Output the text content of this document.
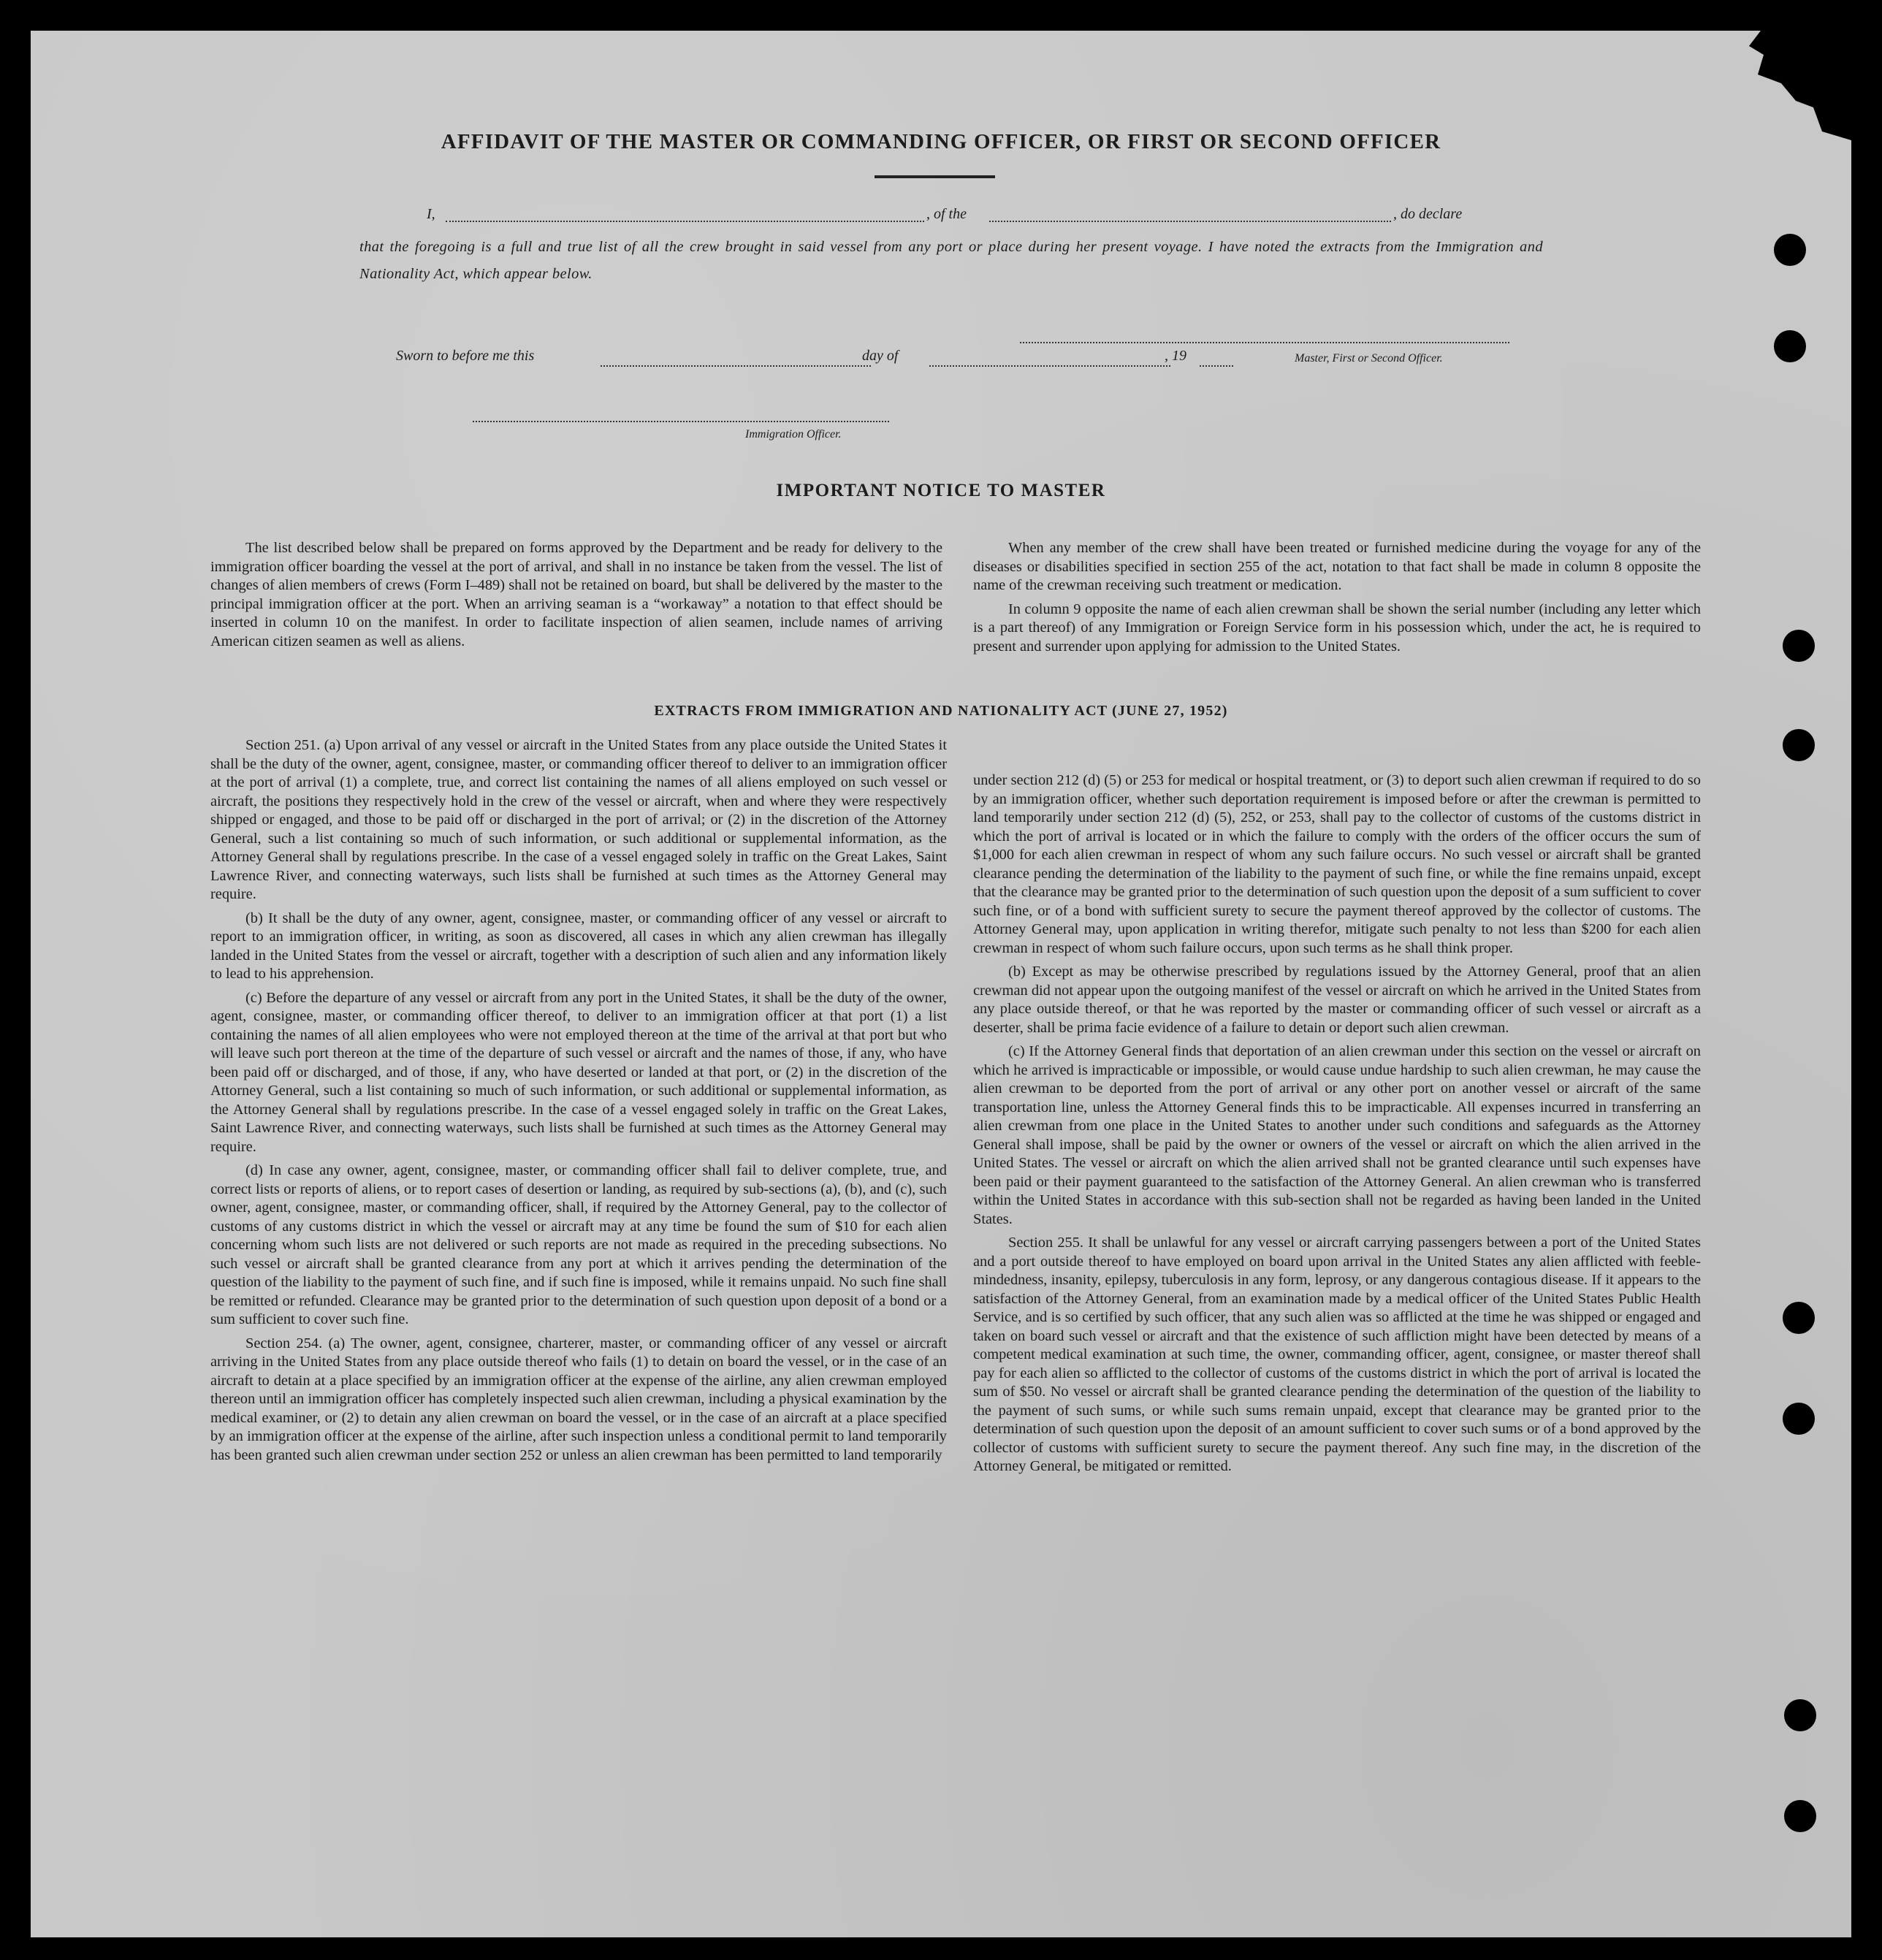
AFFIDAVIT OF THE MASTER OR COMMANDING OFFICER, OR FIRST OR SECOND OFFICER
I,	, of the	, do declare
that the foregoing is a full and true list of all the crew brought in said vessel from any port or place during her present voyage. I have noted the extracts from the Immigration and Nationality Act, which appear below.
Master, First or Second Officer.
Sworn to before me this	day of	, 19
Immigration Officer.
IMPORTANT NOTICE TO MASTER

The list described below shall be prepared on forms approved by the Department and be ready for delivery to the immigration officer boarding the vessel at the port of arrival, and shall in no instance be taken from the vessel. The list of changes of alien members of crews (Form I–489) shall not be retained on board, but shall be delivered by the master to the principal immigration officer at the port. When an arriving seaman is a “workaway” a notation to that effect should be inserted in column 10 on the manifest. In order to facilitate inspection of alien seamen, include names of arriving American citizen seamen as well as aliens.

When any member of the crew shall have been treated or furnished medicine during the voyage for any of the diseases or disabilities specified in section 255 of the act, notation to that fact shall be made in column 8 opposite the name of the crewman receiving such treatment or medication.

In column 9 opposite the name of each alien crewman shall be shown the serial number (including any letter which is a part thereof) of any Immigration or Foreign Service form in his possession which, under the act, he is required to present and surrender upon applying for admission to the United States.

EXTRACTS FROM IMMIGRATION AND NATIONALITY ACT (JUNE 27, 1952)

Section 251. (a) Upon arrival of any vessel or aircraft in the United States from any place outside the United States it shall be the duty of the owner, agent, consignee, master, or commanding officer thereof to deliver to an immigration officer at the port of arrival (1) a complete, true, and correct list containing the names of all aliens employed on such vessel or aircraft, the positions they respectively hold in the crew of the vessel or aircraft, when and where they were respectively shipped or engaged, and those to be paid off or discharged in the port of arrival; or (2) in the discretion of the Attorney General, such a list containing so much of such information, or such additional or supplemental information, as the Attorney General shall by regulations prescribe. In the case of a vessel engaged solely in traffic on the Great Lakes, Saint Lawrence River, and connecting waterways, such lists shall be furnished at such times as the Attorney General may require.

(b) It shall be the duty of any owner, agent, consignee, master, or commanding officer of any vessel or aircraft to report to an immigration officer, in writing, as soon as discovered, all cases in which any alien crewman has illegally landed in the United States from the vessel or aircraft, together with a description of such alien and any information likely to lead to his apprehension.

(c) Before the departure of any vessel or aircraft from any port in the United States, it shall be the duty of the owner, agent, consignee, master, or commanding officer thereof, to deliver to an immigration officer at that port (1) a list containing the names of all alien employees who were not employed thereon at the time of the arrival at that port but who will leave such port thereon at the time of the departure of such vessel or aircraft and the names of those, if any, who have been paid off or discharged, and of those, if any, who have deserted or landed at that port, or (2) in the discretion of the Attorney General, such a list containing so much of such information, or such additional or supplemental information, as the Attorney General shall by regulations prescribe. In the case of a vessel engaged solely in traffic on the Great Lakes, Saint Lawrence River, and connecting waterways, such lists shall be furnished at such times as the Attorney General may require.

(d) In case any owner, agent, consignee, master, or commanding officer shall fail to deliver complete, true, and correct lists or reports of aliens, or to report cases of desertion or landing, as required by sub-sections (a), (b), and (c), such owner, agent, consignee, master, or commanding officer, shall, if required by the Attorney General, pay to the collector of customs of any customs district in which the vessel or aircraft may at any time be found the sum of $10 for each alien concerning whom such lists are not delivered or such reports are not made as required in the preceding subsections. No such vessel or aircraft shall be granted clearance from any port at which it arrives pending the determination of the question of the liability to the payment of such fine, and if such fine is imposed, while it remains unpaid. No such fine shall be remitted or refunded. Clearance may be granted prior to the determination of such question upon deposit of a bond or a sum sufficient to cover such fine.

Section 254. (a) The owner, agent, consignee, charterer, master, or commanding officer of any vessel or aircraft arriving in the United States from any place outside thereof who fails (1) to detain on board the vessel, or in the case of an aircraft to detain at a place specified by an immigration officer at the expense of the airline, any alien crewman employed thereon until an immigration officer has completely inspected such alien crewman, including a physical examination by the medical examiner, or (2) to detain any alien crewman on board the vessel, or in the case of an aircraft at a place specified by an immigration officer at the expense of the airline, after such inspection unless a conditional permit to land temporarily has been granted such alien crewman under section 252 or unless an alien crewman has been permitted to land temporarily

under section 212 (d) (5) or 253 for medical or hospital treatment, or (3) to deport such alien crewman if required to do so by an immigration officer, whether such deportation requirement is imposed before or after the crewman is permitted to land temporarily under section 212 (d) (5), 252, or 253, shall pay to the collector of customs of the customs district in which the port of arrival is located or in which the failure to comply with the orders of the officer occurs the sum of $1,000 for each alien crewman in respect of whom any such failure occurs. No such vessel or aircraft shall be granted clearance pending the determination of the liability to the payment of such fine, or while the fine remains unpaid, except that the clearance may be granted prior to the determination of such question upon the deposit of a sum sufficient to cover such fine, or of a bond with sufficient surety to secure the payment thereof approved by the collector of customs. The Attorney General may, upon application in writing therefor, mitigate such penalty to not less than $200 for each alien crewman in respect of whom such failure occurs, upon such terms as he shall think proper.

(b) Except as may be otherwise prescribed by regulations issued by the Attorney General, proof that an alien crewman did not appear upon the outgoing manifest of the vessel or aircraft on which he arrived in the United States from any place outside thereof, or that he was reported by the master or commanding officer of such vessel or aircraft as a deserter, shall be prima facie evidence of a failure to detain or deport such alien crewman.

(c) If the Attorney General finds that deportation of an alien crewman under this section on the vessel or aircraft on which he arrived is impracticable or impossible, or would cause undue hardship to such alien crewman, he may cause the alien crewman to be deported from the port of arrival or any other port on another vessel or aircraft of the same transportation line, unless the Attorney General finds this to be impracticable. All expenses incurred in transferring an alien crewman from one place in the United States to another under such conditions and safeguards as the Attorney General shall impose, shall be paid by the owner or owners of the vessel or aircraft on which the alien arrived in the United States. The vessel or aircraft on which the alien arrived shall not be granted clearance until such expenses have been paid or their payment guaranteed to the satisfaction of the Attorney General. An alien crewman who is transferred within the United States in accordance with this sub-section shall not be regarded as having been landed in the United States.

Section 255. It shall be unlawful for any vessel or aircraft carrying passengers between a port of the United States and a port outside thereof to have employed on board upon arrival in the United States any alien afflicted with feeble-mindedness, insanity, epilepsy, tuberculosis in any form, leprosy, or any dangerous contagious disease. If it appears to the satisfaction of the Attorney General, from an examination made by a medical officer of the United States Public Health Service, and is so certified by such officer, that any such alien was so afflicted at the time he was shipped or engaged and taken on board such vessel or aircraft and that the existence of such affliction might have been detected by means of a competent medical examination at such time, the owner, commanding officer, agent, consignee, or master thereof shall pay for each alien so afflicted to the collector of customs of the customs district in which the port of arrival is located the sum of $50. No vessel or aircraft shall be granted clearance pending the determination of the question of the liability to the payment of such sums, or while such sums remain unpaid, except that clearance may be granted prior to the determination of such question upon the deposit of an amount sufficient to cover such sums or of a bond approved by the collector of customs with sufficient surety to secure the payment thereof. Any such fine may, in the discretion of the Attorney General, be mitigated or remitted.
